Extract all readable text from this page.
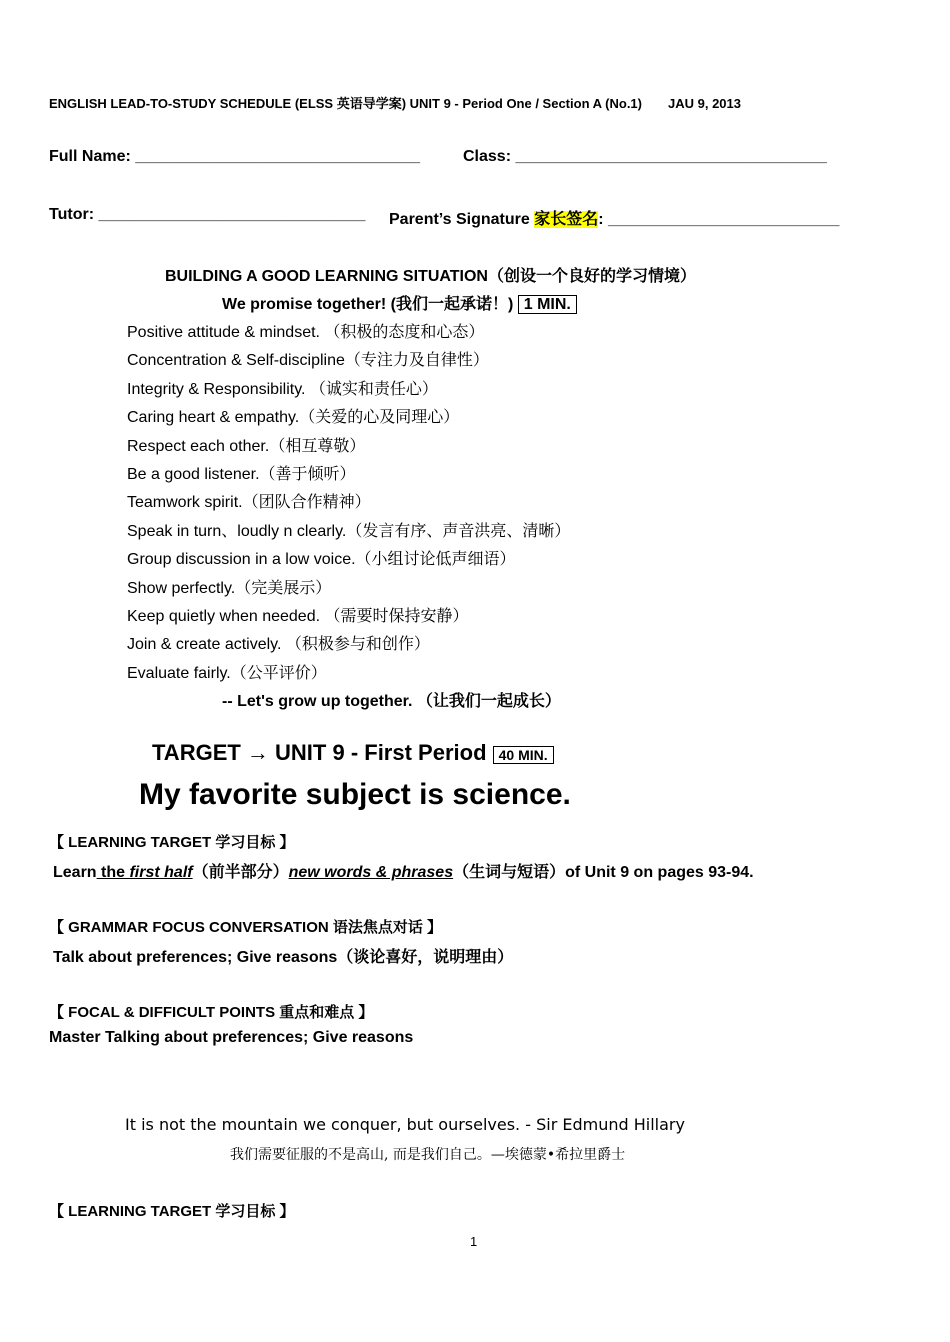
ENGLISH LEAD-TO-STUDY SCHEDULE (ELSS 英语导学案) UNIT 9 - Period One / Section A (No.1) JAU 9, 2013
Full Name: ________________________________	Class: ___________________________________
Tutor: ______________________________ Parent’s Signature 家长签名: __________________________
BUILDING A GOOD LEARNING SITUATION（创设一个良好的学习情境）
We promise together! (我们一起承诺！) 1 MIN.
Positive attitude & mindset. （积极的态度和心态）
Concentration & Self-discipline（专注力及自律性）
Integrity & Responsibility. （诚实和责任心）
Caring heart & empathy.（关爱的心及同理心）
Respect each other.（相互尊敬）
Be a good listener.（善于倾听）
Teamwork spirit.（团队合作精神）
Speak in turn、loudly n clearly.（发言有序、声音洪亮、清晰）
Group discussion in a low voice.（小组讨论低声细语）
Show perfectly.（完美展示）
Keep quietly when needed. （需要时保持安静）
Join & create actively. （积极参与和创作）
Evaluate fairly.（公平评价）
-- Let's grow up together. （让我们一起成长）
TARGET → UNIT 9 - First Period 40 MIN.
My favorite subject is science.
【 LEARNING TARGET 学习目标 】
Learn the first half（前半部分）new words & phrases（生词与短语）of Unit 9 on pages 93-94.
【 GRAMMAR FOCUS CONVERSATION 语法焦点对话 】
Talk about preferences; Give reasons（谈论喜好，说明理由）
【 FOCAL & DIFFICULT POINTS 重点和难点 】
Master Talking about preferences; Give reasons
It is not the mountain we conquer, but ourselves. - Sir Edmund Hillary
我们需要征服的不是高山, 而是我们自己。—埃德蒙•希拉里爵士
【 LEARNING TARGET 学习目标 】
1
